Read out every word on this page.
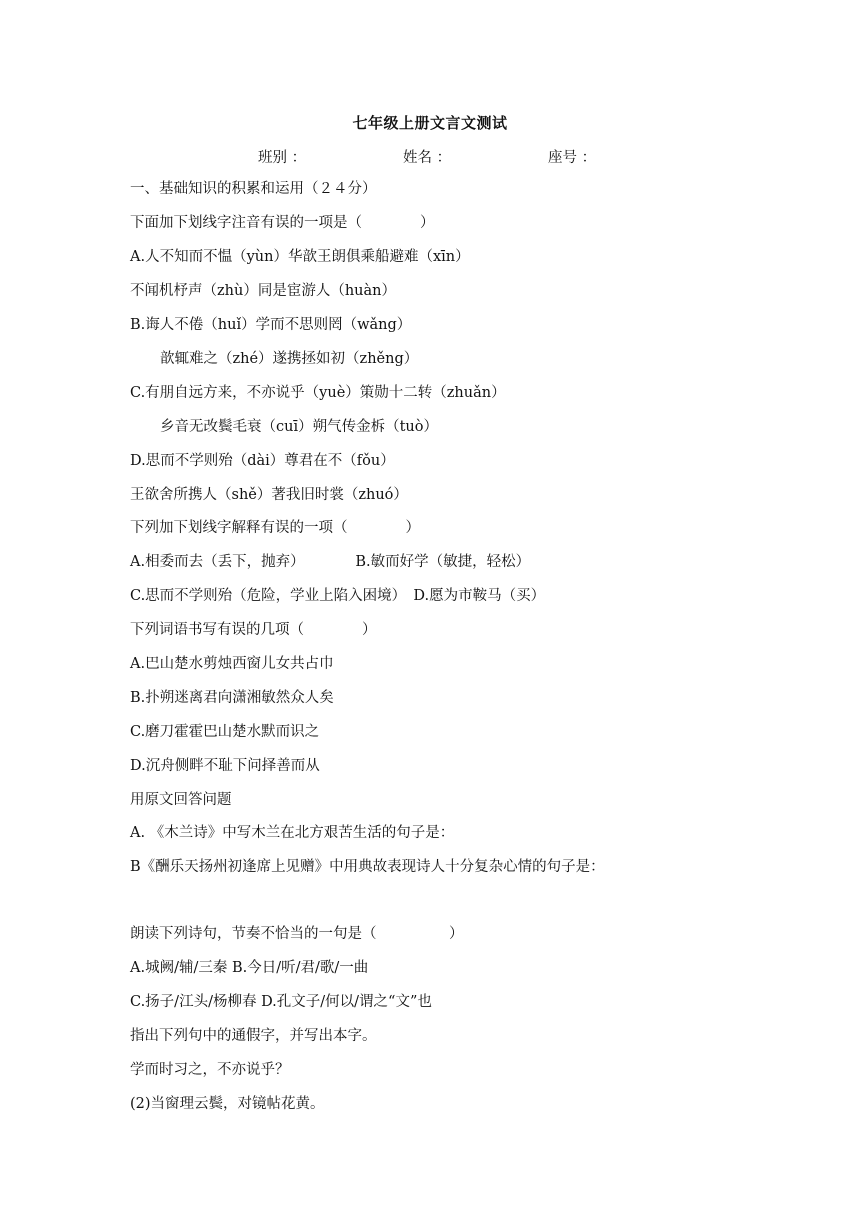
七年级上册文言文测试
班别 ：	姓名 ：	座号 ：
一、基础知识的积累和运用（２４分）
下面加下划线字注音有误的一项是（　　　　）
A.人不知而不愠（yùn）华歆王朗俱乘船避难（xīn）
不闻机杼声（zhù）同是宦游人（huàn）
B.诲人不倦（huǐ）学而不思则罔（wǎng）
歆辄难之（zhé）遂携拯如初（zhěng）
C.有朋自远方来，不亦说乎（yuè）策勋十二转（zhuǎn）
乡音无改鬓毛衰（cuī）朔气传金柝（tuò）
D.思而不学则殆（dài）尊君在不（fǒu）
王欲舍所携人（shě）著我旧时裳（zhuó）
下列加下划线字解释有误的一项（　　　　）
A.相委而去（丢下，抛弃）　　　　B.敏而好学（敏捷，轻松）
C.思而不学则殆（危险，学业上陷入困境）　D.愿为市鞍马（买）
下列词语书写有误的几项（　　　　）
A.巴山楚水剪烛西窗儿女共占巾
B.扑朔迷离君向潇湘敏然众人矣
C.磨刀霍霍巴山楚水默而识之
D.沉舟侧畔不耻下问择善而从
用原文回答问题
A. 《木兰诗》中写木兰在北方艰苦生活的句子是：
B《酬乐天扬州初逢席上见赠》中用典故表现诗人十分复杂心情的句子是：
朗读下列诗句，节奏不恰当的一句是（　　　　　）
A.城阙/辅/三秦 B.今日/听/君/歌/一曲
C.扬子/江头/杨柳春 D.孔文子/何以/谓之“文”也
指出下列句中的通假字，并写出本字。
学而时习之，不亦说乎？
(2)当窗理云鬓，对镜帖花黄。
